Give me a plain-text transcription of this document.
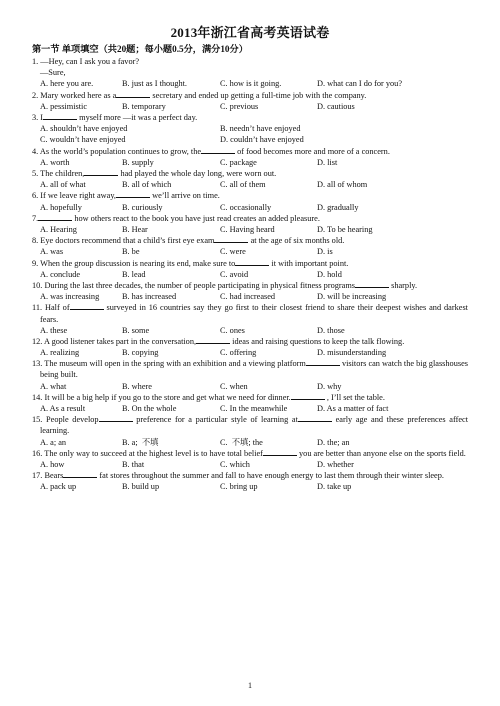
2013年浙江省高考英语试卷
第一节 单项填空（共20题；每小题0.5分，满分10分）
1. —Hey, can I ask you a favor?
—Sure,
A. here you are.	B. just as I thought.	C. how is it going.	D. what can I do for you?
2. Mary worked here as a	secretary and ended up getting a full-time job with the company.
A. pessimistic	B. temporary	C. previous	D. cautious
3. I	myself more —it was a perfect day.
A. shouldn’t have enjoyed	B. needn’t have enjoyed
C. wouldn’t have enjoyed	D. couldn’t have enjoyed
4. As the world’s population continues to grow, the	of food becomes more and more of a concern.
A. worth	B. supply	C. package	D. list
5. The children,	had played the whole day long, were worn out.
A. all of what	B. all of which	C. all of them	D. all of whom
6. If we leave right away,	we’ll arrive on time.
A. hopefully	B. curiously	C. occasionally	D. gradually
7.	how others react to the book you have just read creates an added pleasure.
A. Hearing	B. Hear	C. Having heard	D. To be hearing
8. Eye doctors recommend that a child’s first eye exam	at the age of six months old.
A. was	B. be	C. were	D. is
9. When the group discussion is nearing its end, make sure to	it with important point.
A. conclude	B. lead	C. avoid	D. hold
10. During the last three decades, the number of people participating in physical fitness programs	sharply.
A. was increasing	B. has increased	C. had increased	D. will be increasing
11. Half of	surveyed in 16 countries say they go first to their closest friend to share their deepest wishes and darkest fears.
A. these	B. some	C. ones	D. those
12. A good listener takes part in the conversation,	ideas and raising questions to keep the talk flowing.
A. realizing	B. copying	C. offering	D. misunderstanding
13. The museum will open in the spring with an exhibition and a viewing platform	visitors can watch the big glasshouses being built.
A. what	B. where	C. when	D. why
14. It will be a big help if you go to the store and get what we need for dinner.	, I’ll set the table.
A. As a result	B. On the whole	C. In the meanwhile	D. As a matter of fact
15. People develop	preference for a particular style of learning at	early age and these preferences affect learning.
A. a; an	B. a;  不填	C.  不填; the	D. the; an
16. The only way to succeed at the highest level is to have total belief	you are better than anyone else on the sports field.
A. how	B. that	C. which	D. whether
17. Bears	fat stores throughout the summer and fall to have enough energy to last them through their winter sleep.
A. pack up	B. build up	C. bring up	D. take up
1
